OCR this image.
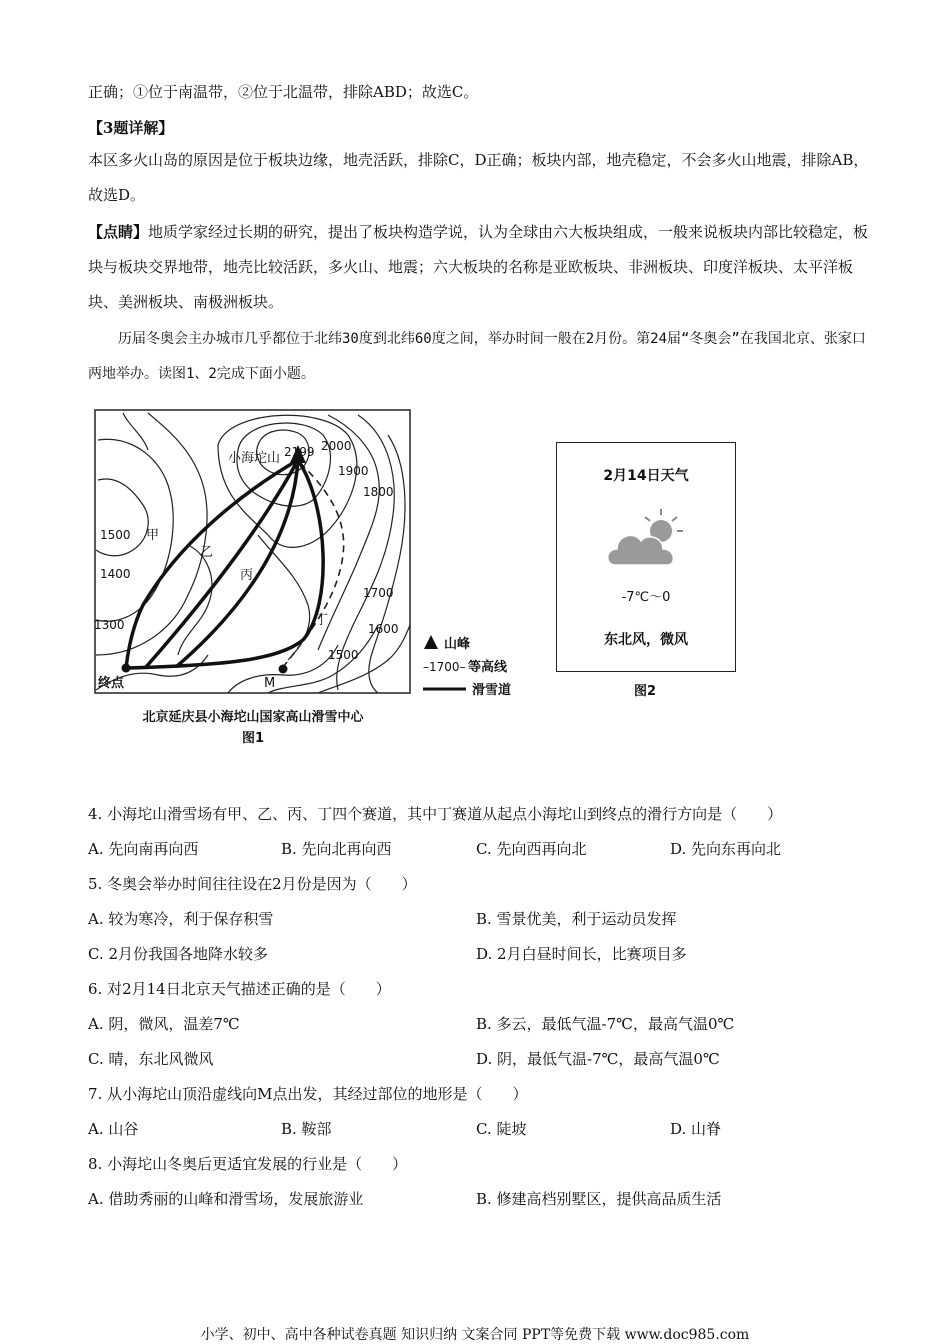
正确；①位于南温带，②位于北温带，排除ABD；故选C。
【3题详解】
本区多火山岛的原因是位于板块边缘，地壳活跃，排除C，D正确；板块内部，地壳稳定，不会多火山地震，排除AB，故选D。
【点睛】地质学家经过长期的研究，提出了板块构造学说，认为全球由六大板块组成，一般来说板块内部比较稳定，板块与板块交界地带，地壳比较活跃，多火山、地震；六大板块的名称是亚欧板块、非洲板块、印度洋板块、太平洋板块、美洲板块、南极洲板块。
历届冬奥会主办城市几乎都位于北纬30度到北纬60度之间，举办时间一般在2月份。第24届“冬奥会”在我国北京、张家口两地举办。读图1、2完成下面小题。
小海坨山 2199 2000
1900
1800
1700
1600
1500
1500
1400
1300
甲
乙
丙
丁
终点	M
山峰
–1700– 等高线
滑雪道
北京延庆县小海坨山国家高山滑雪中心
图1
2月14日天气
-7℃～0
东北风，微风
图2
4. 小海坨山滑雪场有甲、乙、丙、丁四个赛道，其中丁赛道从起点小海坨山到终点的滑行方向是（　　）
A. 先向南再向西	B. 先向北再向西	C. 先向西再向北	D. 先向东再向北
5. 冬奥会举办时间往往设在2月份是因为（　　）
A. 较为寒冷，利于保存积雪	B. 雪景优美，利于运动员发挥
C. 2月份我国各地降水较多	D. 2月白昼时间长，比赛项目多
6. 对2月14日北京天气描述正确的是（　　）
A. 阴，微风，温差7℃	B. 多云，最低气温-7℃，最高气温0℃
C. 晴，东北风微风	D. 阴，最低气温-7℃，最高气温0℃
7. 从小海坨山顶沿虚线向M点出发，其经过部位的地形是（　　）
A. 山谷	B. 鞍部	C. 陡坡	D. 山脊
8. 小海坨山冬奥后更适宜发展的行业是（　　）
A. 借助秀丽的山峰和滑雪场，发展旅游业	B. 修建高档别墅区，提供高品质生活
小学、初中、高中各种试卷真题 知识归纳 文案合同 PPT等免费下载 www.doc985.com
